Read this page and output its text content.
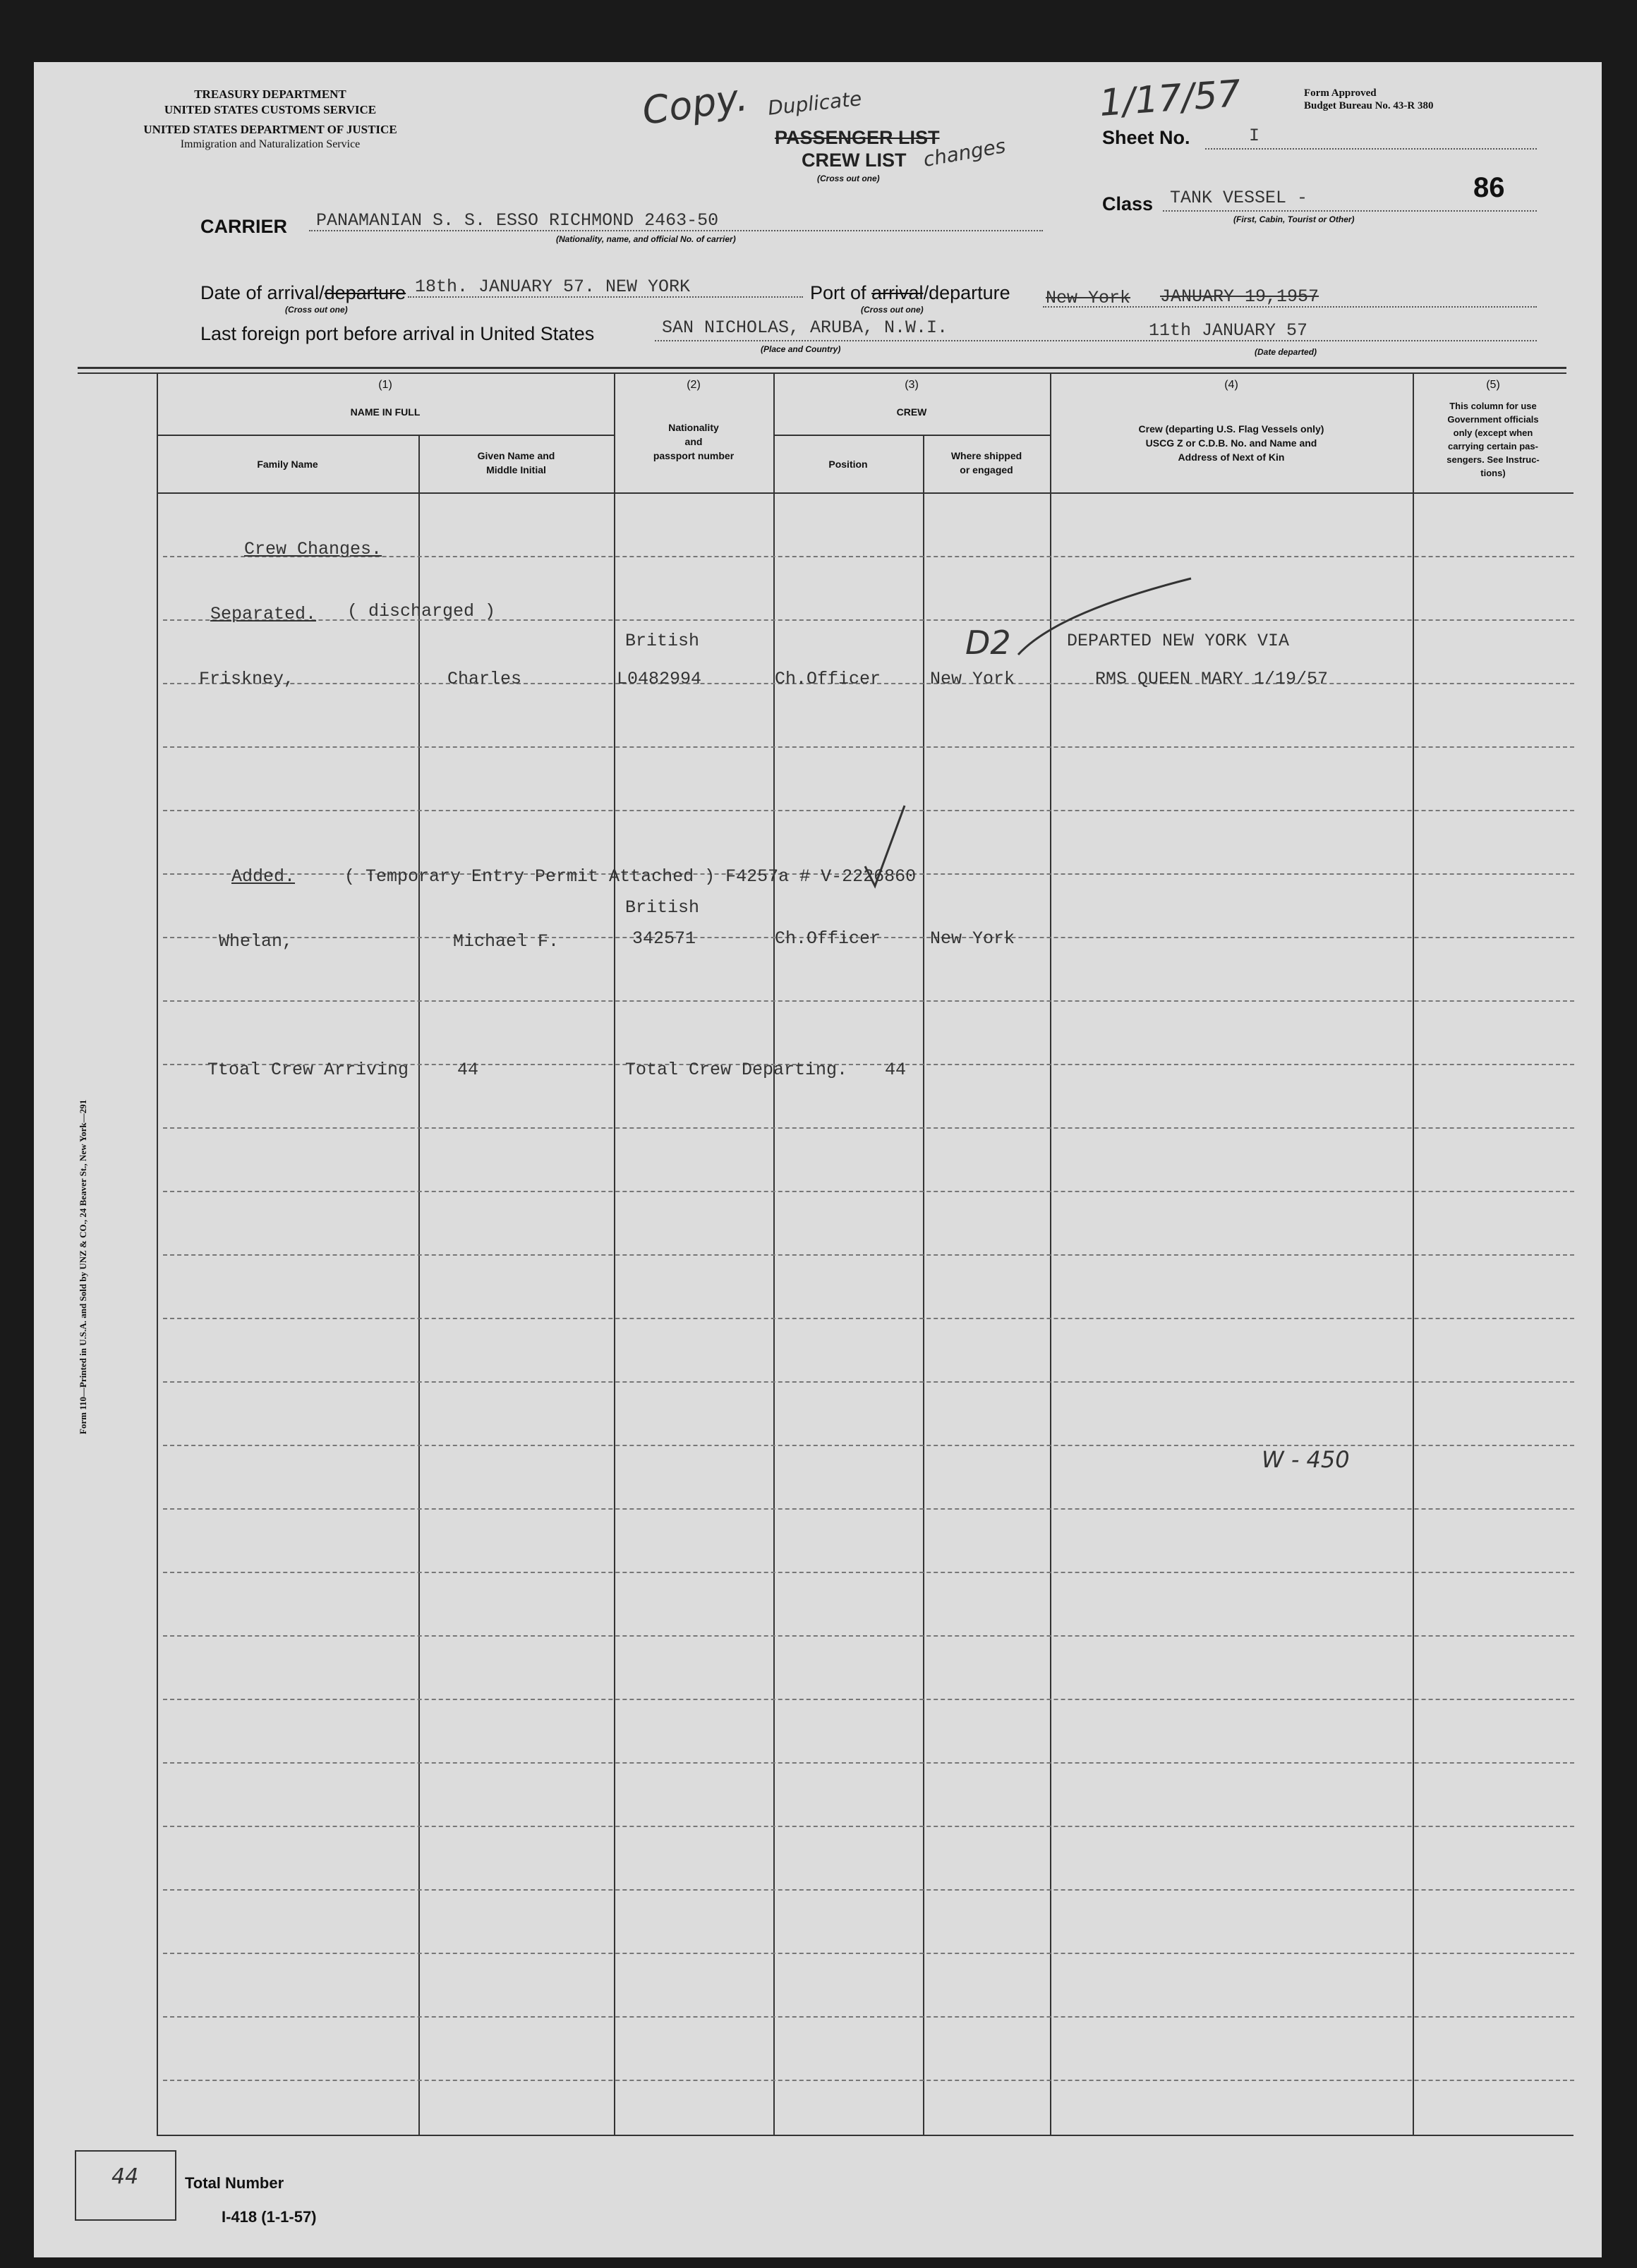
TREASURY DEPARTMENT
UNITED STATES CUSTOMS SERVICE
UNITED STATES DEPARTMENT OF JUSTICE
Immigration and Naturalization Service
Copy. Duplicate
changes
1/17/57
PASSENGER LIST
CREW LIST
(Cross out one)
Form Approved
Budget Bureau No. 43-R 380
Sheet No.	I
Class TANK VESSEL -	86
(First, Cabin, Tourist or Other)
CARRIER PANAMANIAN S. S. ESSO RICHMOND 2463-50
(Nationality, name, and official No. of carrier)
Date of arrival/departure
(Cross out one)
18th. JANUARY 57. NEW YORK	Port of arrival/departure
(Cross out one)
New York JANUARY 19,1957
Last foreign port before arrival in United States	SAN NICHOLAS, ARUBA, N.W.I.	11th JANUARY 57
(Place and Country)	(Date departed)
(1)
NAME IN FULL
Family Name
Given Name and
Middle Initial
(2)
Nationality
and
passport number
(3)
CREW
Position
Where shipped
or engaged
(4)
Crew (departing U.S. Flag Vessels only)
USCG Z or C.D.B. No. and Name and
Address of Next of Kin
(5)
This column for use
Government officials
only (except when
carrying certain pas-
sengers. See Instruc-
tions)
Crew Changes.
Separated. ( discharged )
British
Friskney,	Charles	L0482994	Ch.Officer	New York
D2	DEPARTED NEW YORK VIA
RMS QUEEN MARY 1/19/57
Added.	( Temporary Entry Permit Attached ) F4257a # V-2226860
British
Whelan,	Michael F.	342571	Ch.Officer	New York
Ttoal Crew Arriving	44	Total Crew Departing. 44
W - 450
Form 110—Printed in U.S.A. and Sold by UNZ & CO., 24 Beaver St., New York—291
44	Total Number
I-418 (1-1-57)
